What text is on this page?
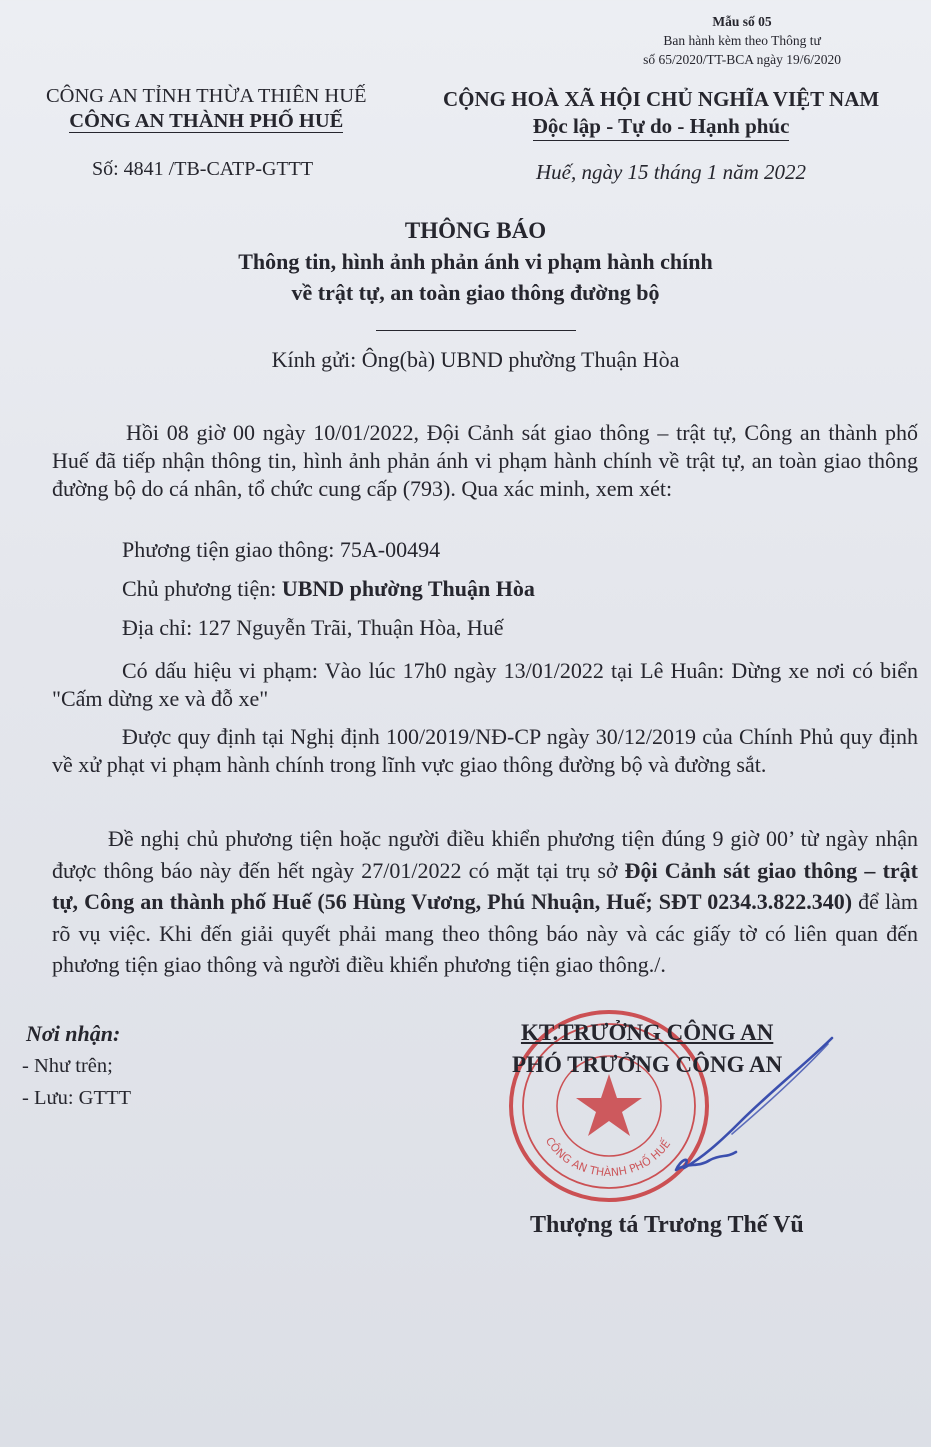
Mẫu số 05
Ban hành kèm theo Thông tư
số 65/2020/TT-BCA ngày 19/6/2020
CÔNG AN TỈNH THỪA THIÊN HUẾ
CÔNG AN THÀNH PHỐ HUẾ
CỘNG HOÀ XÃ HỘI CHỦ NGHĨA VIỆT NAM
Độc lập - Tự do - Hạnh phúc
Số: 4841 /TB-CATP-GTTT	Huế, ngày 15 tháng 1 năm 2022
THÔNG BÁO
Thông tin, hình ảnh phản ánh vi phạm hành chính
về trật tự, an toàn giao thông đường bộ
Kính gửi: Ông(bà) UBND phường Thuận Hòa
Hồi 08 giờ 00 ngày 10/01/2022, Đội Cảnh sát giao thông – trật tự, Công an thành phố Huế đã tiếp nhận thông tin, hình ảnh phản ánh vi phạm hành chính về trật tự, an toàn giao thông đường bộ do cá nhân, tổ chức cung cấp (793). Qua xác minh, xem xét:
Phương tiện giao thông: 75A-00494
Chủ phương tiện: UBND phường Thuận Hòa
Địa chỉ: 127 Nguyễn Trãi, Thuận Hòa, Huế
Có dấu hiệu vi phạm: Vào lúc 17h0 ngày 13/01/2022 tại Lê Huân: Dừng xe nơi có biển "Cấm dừng xe và đỗ xe"
Được quy định tại Nghị định 100/2019/NĐ-CP ngày 30/12/2019 của Chính Phủ quy định về xử phạt vi phạm hành chính trong lĩnh vực giao thông đường bộ và đường sắt.
Đề nghị chủ phương tiện hoặc người điều khiển phương tiện đúng 9 giờ 00’ từ ngày nhận được thông báo này đến hết ngày 27/01/2022 có mặt tại trụ sở Đội Cảnh sát giao thông – trật tự, Công an thành phố Huế (56 Hùng Vương, Phú Nhuận, Huế; SĐT 0234.3.822.340) để làm rõ vụ việc. Khi đến giải quyết phải mang theo thông báo này và các giấy tờ có liên quan đến phương tiện giao thông và người điều khiển phương tiện giao thông./.
Nơi nhận:
- Như trên;
- Lưu: GTTT
CÔNG AN THÀNH PHỐ HUẾ
KT.TRƯỞNG CÔNG AN
PHÓ TRƯỞNG CÔNG AN
Thượng tá Trương Thế Vũ
